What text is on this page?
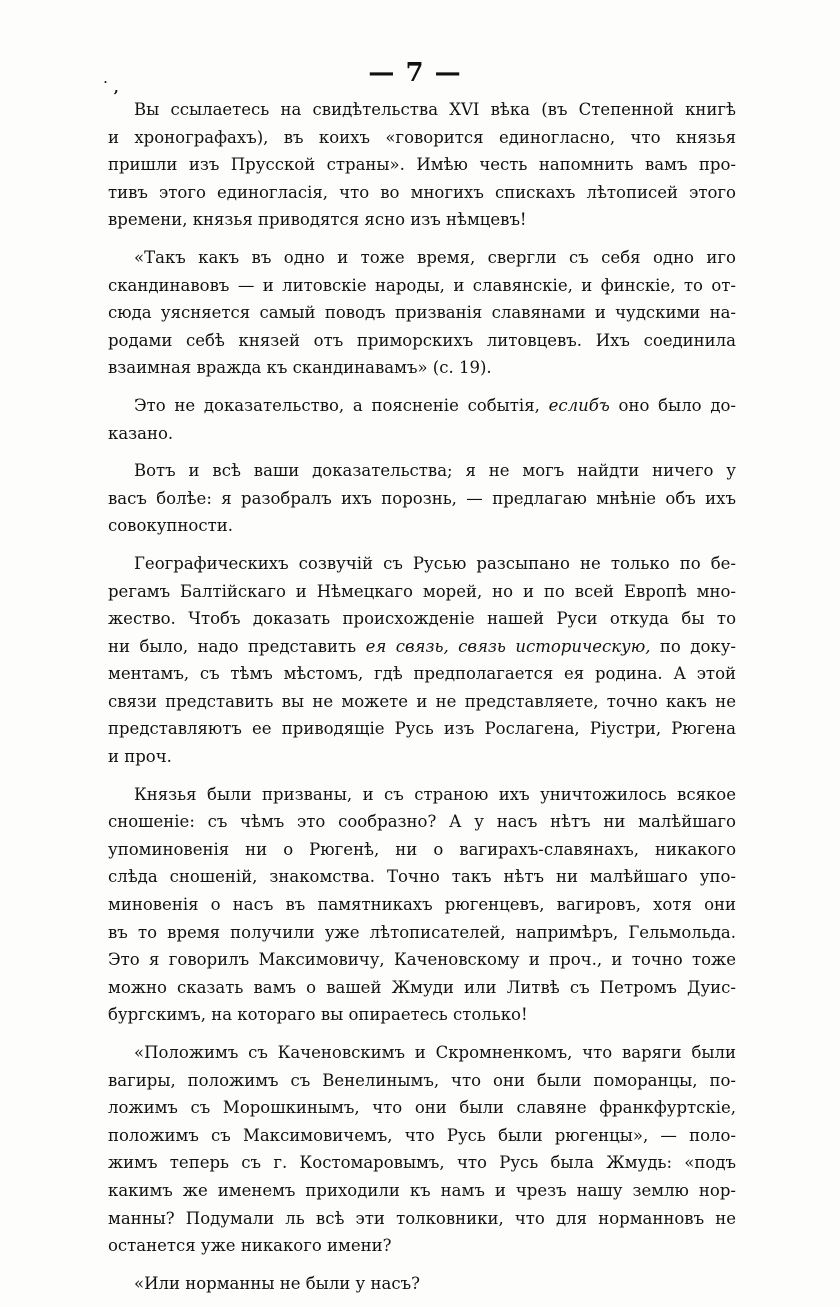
— 7 —
˙ ,

Вы ссылаетесь на свидѣтельства XVI вѣка (въ Степенной книгѣ
и хронографахъ), въ коихъ «говорится единогласно, что князья
пришли изъ Прусской страны». Имѣю честь напомнить вамъ про-
тивъ этого единогласія, что во многихъ спискахъ лѣтописей этого
времени, князья приводятся ясно изъ нѣмцевъ!

«Такъ какъ въ одно и тоже время, свергли съ себя одно иго
скандинавовъ — и литовскіе народы, и славянскіе, и финскіе, то от-
сюда уясняется самый поводъ призванія славянами и чудскими на-
родами себѣ князей отъ приморскихъ литовцевъ. Ихъ соединила
взаимная вражда къ скандинавамъ» (с. 19).

Это не доказательство, а поясненіе событія, еслибъ оно было до-
казано.

Вотъ и всѣ ваши доказательства; я не могъ найдти ничего у
васъ болѣе: я разобралъ ихъ порознь, — предлагаю мнѣніе объ ихъ
совокупности.

Географическихъ созвучій съ Русью разсыпано не только по бе-
регамъ Балтійскаго и Нѣмецкаго морей, но и по всей Европѣ мно-
жество. Чтобъ доказать происхожденіе нашей Руси откуда бы то
ни было, надо представить ея связь, связь историческую, по доку-
ментамъ, съ тѣмъ мѣстомъ, гдѣ предполагается ея родина. А этой
связи представить вы не можете и не представляете, точно какъ не
представляютъ ее приводящіе Русь изъ Рослагена, Ріустри, Рюгена
и проч.

Князья были призваны, и съ страною ихъ уничтожилось всякое
сношеніе: съ чѣмъ это сообразно? А у насъ нѣтъ ни малѣйшаго
упоминовенія ни о Рюгенѣ, ни о вагирахъ-славянахъ, никакого
слѣда сношеній, знакомства. Точно такъ нѣтъ ни малѣйшаго упо-
миновенія о насъ въ памятникахъ рюгенцевъ, вагировъ, хотя они
въ то время получили уже лѣтописателей, напримѣръ, Гельмольда.
Это я говорилъ Максимовичу, Каченовскому и проч., и точно тоже
можно сказать вамъ о вашей Жмуди или Литвѣ съ Петромъ Дуис-
бургскимъ, на котораго вы опираетесь столько!

«Положимъ съ Каченовскимъ и Скромненкомъ, что варяги были
вагиры, положимъ съ Венелинымъ, что они были поморанцы, по-
ложимъ съ Морошкинымъ, что они были славяне франкфуртскіе,
положимъ съ Максимовичемъ, что Русь были рюгенцы», — поло-
жимъ теперь съ г. Костомаровымъ, что Русь была Жмудь: «подъ
какимъ же именемъ приходили къ намъ и чрезъ нашу землю нор-
манны? Подумали ль всѣ эти толковники, что для норманновъ не
останется уже никакого имени?

«Или норманны не были у насъ?
